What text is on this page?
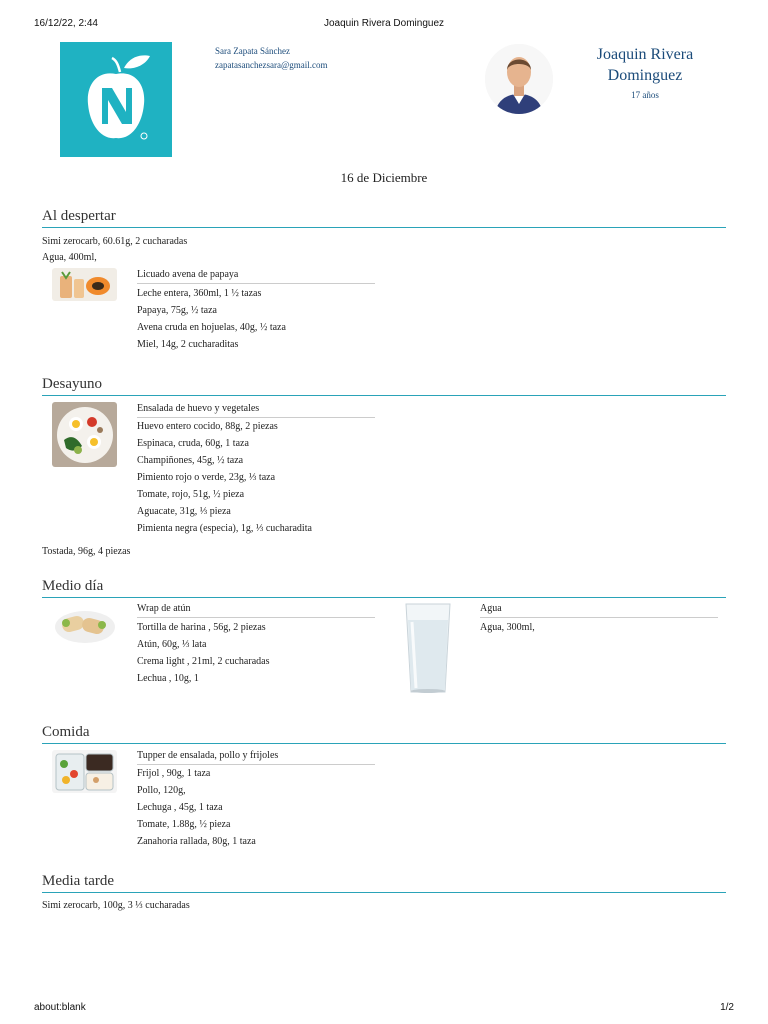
16/12/22, 2:44	Joaquin Rivera Dominguez
Sara Zapata Sánchez
zapatasanchezsara@gmail.com
Joaquin Rivera Dominguez
17 años
16 de Diciembre
Al despertar
Simi zerocarb, 60.61g, 2 cucharadas
Agua, 400ml,
Licuado avena de papaya
Leche entera, 360ml, 1 ½ tazas
Papaya, 75g, ½ taza
Avena cruda en hojuelas, 40g, ½ taza
Miel, 14g, 2 cucharaditas
Desayuno
Ensalada de huevo y vegetales
Huevo entero cocido, 88g, 2 piezas
Espinaca, cruda, 60g, 1 taza
Champiñones, 45g, ½ taza
Pimiento rojo o verde, 23g, ⅓ taza
Tomate, rojo, 51g, ½ pieza
Aguacate, 31g, ⅓ pieza
Pimienta negra (especia), 1g, ⅓ cucharadita
Tostada, 96g, 4 piezas
Medio día
Wrap de atún
Tortilla de harina , 56g, 2 piezas
Atún, 60g, ⅓ lata
Crema light , 21ml, 2 cucharadas
Lechua , 10g, 1
Agua
Agua, 300ml,
Comida
Tupper de ensalada, pollo y frijoles
Frijol , 90g, 1 taza
Pollo, 120g,
Lechuga , 45g, 1 taza
Tomate, 1.88g, ½ pieza
Zanahoria rallada, 80g, 1 taza
Media tarde
Simi zerocarb, 100g, 3 ⅓ cucharadas
about:blank	1/2
